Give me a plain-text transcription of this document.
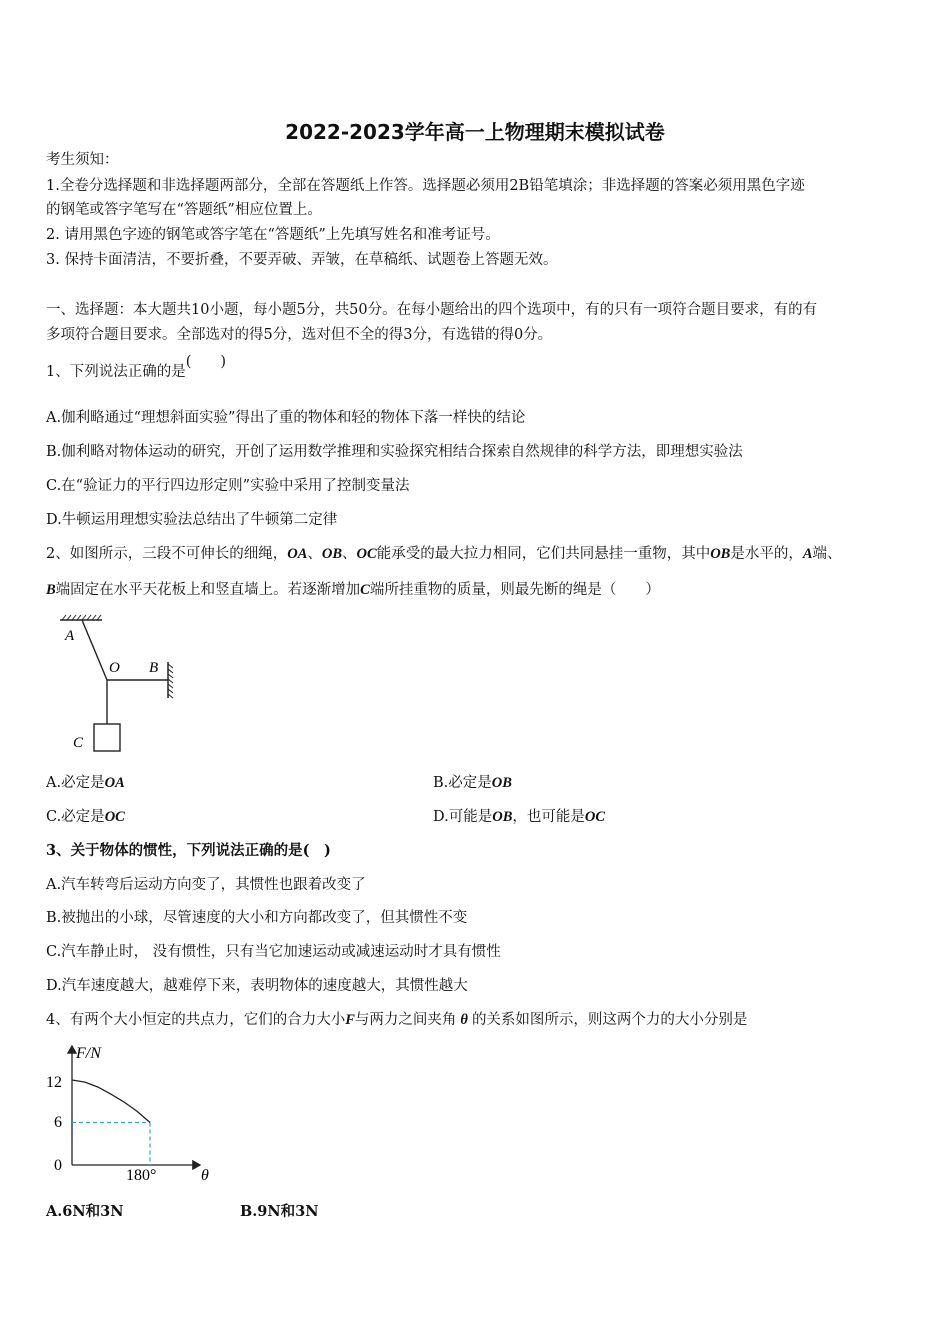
2022-2023学年高一上物理期末模拟试卷
考生须知：
1.全卷分选择题和非选择题两部分，全部在答题纸上作答。选择题必须用2B铅笔填涂；非选择题的答案必须用黑色字迹
的钢笔或答字笔写在“答题纸”相应位置上。
2. 请用黑色字迹的钢笔或答字笔在“答题纸”上先填写姓名和准考证号。
3. 保持卡面清洁，不要折叠，不要弄破、弄皱，在草稿纸、试题卷上答题无效。
一、选择题：本大题共10小题，每小题5分，共50分。在每小题给出的四个选项中，有的只有一项符合题目要求，有的有
多项符合题目要求。全部选对的得5分，选对但不全的得3分，有选错的得0分。
1、下列说法正确的是(　　)
A.伽利略通过“理想斜面实验”得出了重的物体和轻的物体下落一样快的结论
B.伽利略对物体运动的研究，开创了运用数学推理和实验探究相结合探索自然规律的科学方法，即理想实验法
C.在“验证力的平行四边形定则”实验中采用了控制变量法
D.牛顿运用理想实验法总结出了牛顿第二定律
2、如图所示，三段不可伸长的细绳，OA、OB、OC能承受的最大拉力相同，它们共同悬挂一重物，其中OB是水平的，A端、
B端固定在水平天花板上和竖直墙上。若逐渐增加C端所挂重物的质量，则最先断的绳是（　　）
A
O B
C
A.必定是OA	B.必定是OB
C.必定是OC	D.可能是OB，也可能是OC
3、关于物体的惯性，下列说法正确的是(　)
A.汽车转弯后运动方向变了，其惯性也跟着改变了
B.被抛出的小球，尽管速度的大小和方向都改变了，但其惯性不变
C.汽车静止时， 没有惯性，只有当它加速运动或减速运动时才具有惯性
D.汽车速度越大，越难停下来，表明物体的速度越大，其惯性越大
4、有两个大小恒定的共点力，它们的合力大小F与两力之间夹角 θ 的关系如图所示，则这两个力的大小分别是
F/N
θ
12
6
0
180°
A.6N和3N	B.9N和3N
